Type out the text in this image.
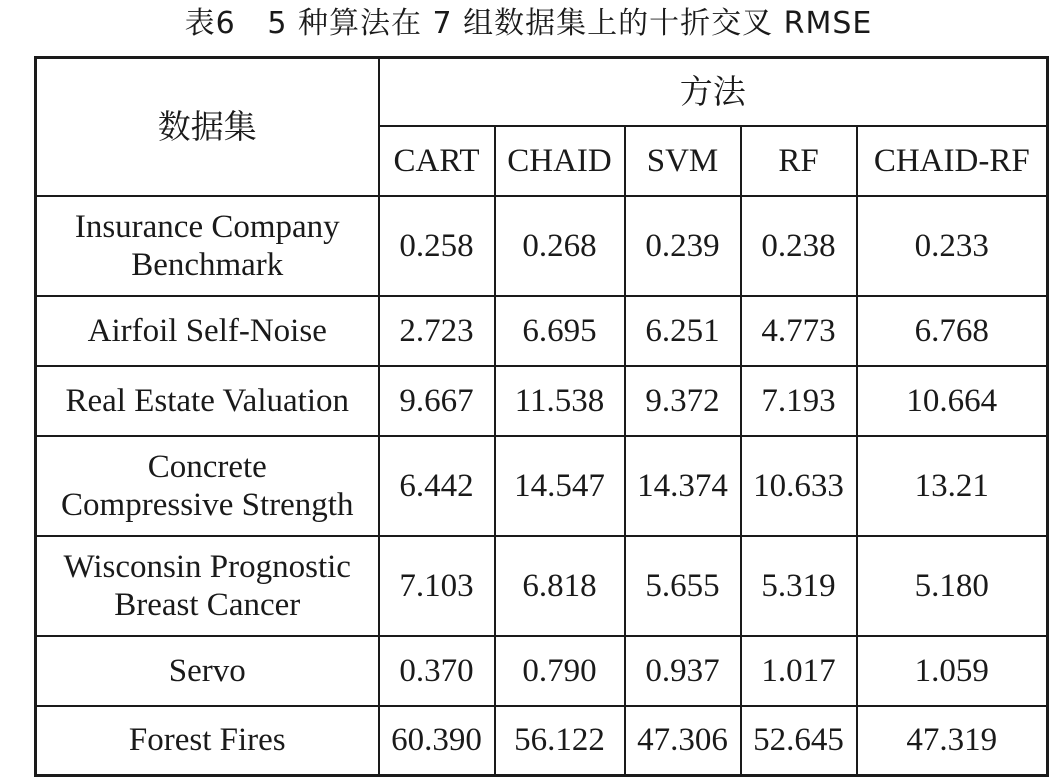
表6 5 种算法在 7 组数据集上的十折交叉 RMSE
数据集	方法				
	CART	CHAID	SVM	RF	CHAID-RF
Insurance Company
Benchmark	0.258	0.268	0.239	0.238	0.233
Airfoil Self-Noise	2.723	6.695	6.251	4.773	6.768
Real Estate Valuation	9.667	11.538	9.372	7.193	10.664
Concrete
Compressive Strength	6.442	14.547	14.374	10.633	13.21
Wisconsin Prognostic
Breast Cancer	7.103	6.818	5.655	5.319	5.180
Servo	0.370	0.790	0.937	1.017	1.059
Forest Fires	60.390	56.122	47.306	52.645	47.319
